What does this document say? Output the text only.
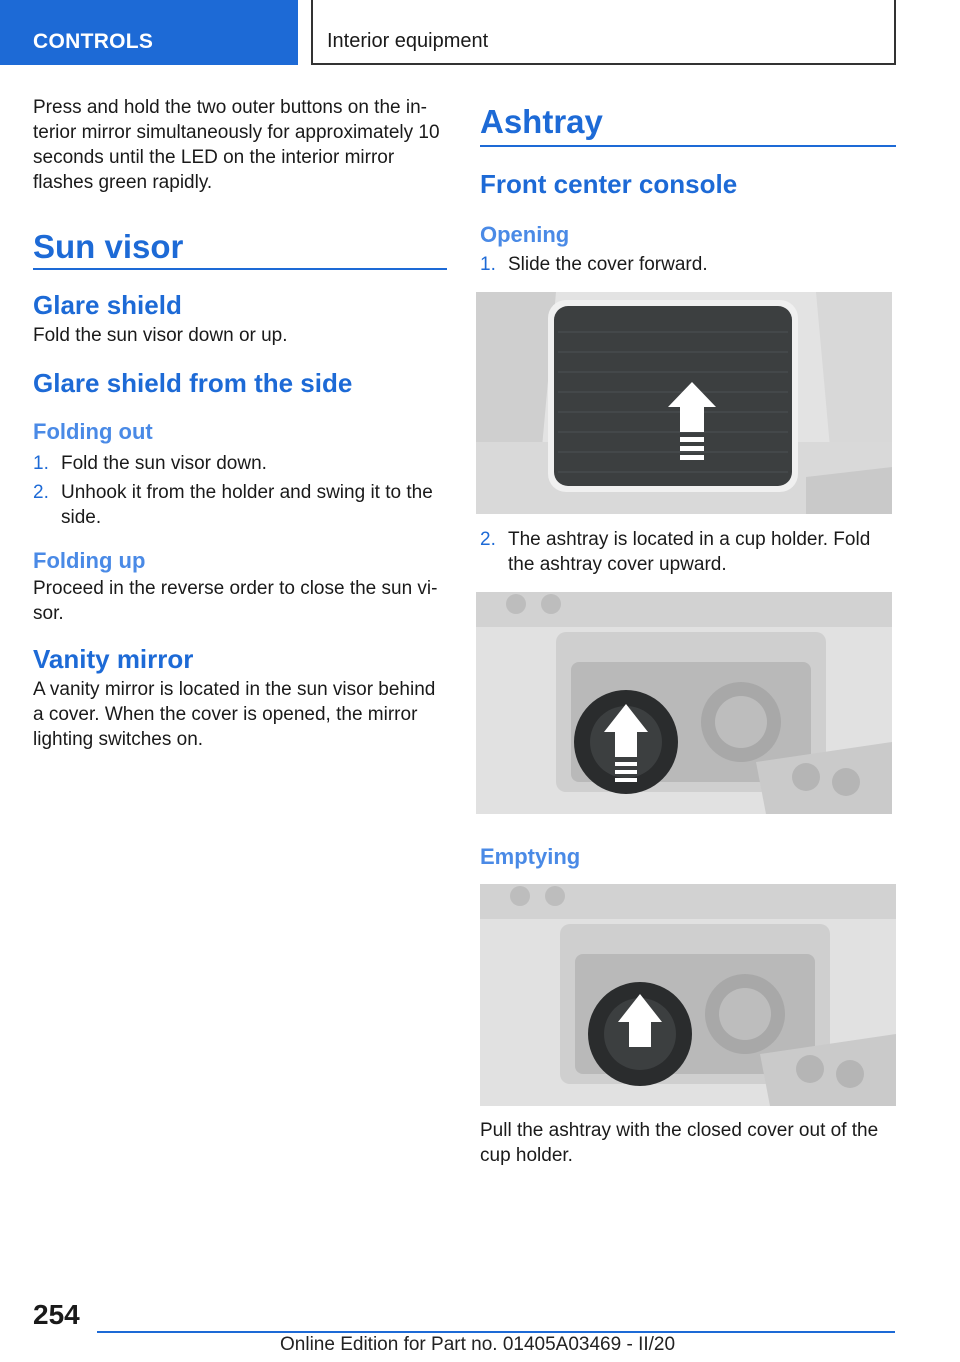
CONTROLS	Interior equipment

Press and hold the two outer buttons on the in- terior mirror simultaneously for approximately 10 seconds until the LED on the interior mirror flashes green rapidly.

Sun visor
Glare shield

Fold the sun visor down or up.

Glare shield from the side
Folding out
1. Fold the sun visor down.
2. Unhook it from the holder and swing it to the side.
Folding up

Proceed in the reverse order to close the sun vi- sor.

Vanity mirror

A vanity mirror is located in the sun visor behind a cover. When the cover is opened, the mirror lighting switches on.

Ashtray
Front center console
Opening
1. Slide the cover forward.
2. The ashtray is located in a cup holder. Fold the ashtray cover upward.
Emptying

Pull the ashtray with the closed cover out of the cup holder.

254
Online Edition for Part no. 01405A03469 - II/20
